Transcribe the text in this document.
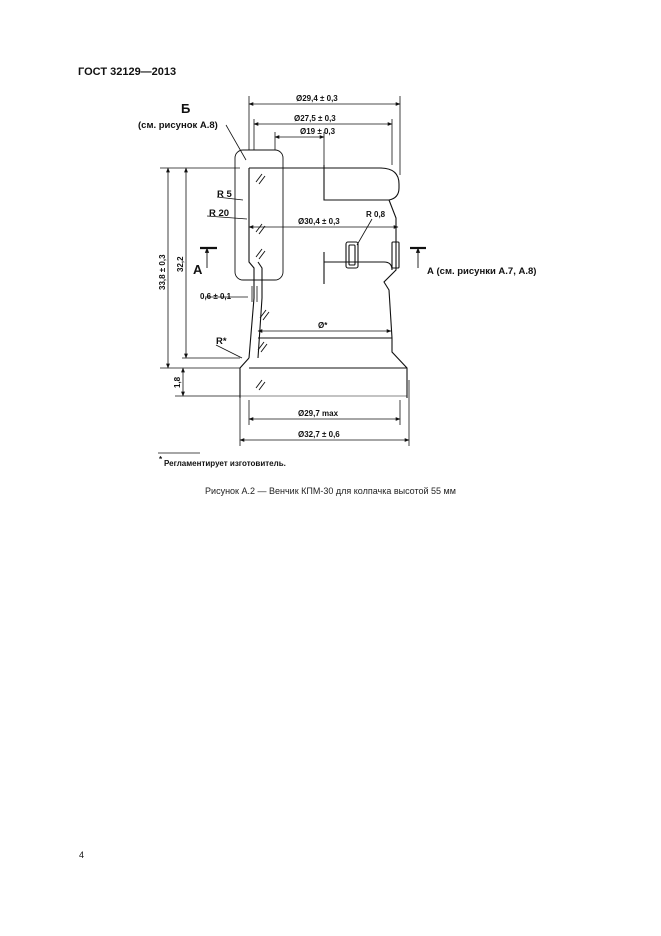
ГОСТ 32129—2013
Б
(см. рисунок А.8)
Ø29,4 ± 0,3
Ø27,5 ± 0,3
Ø19 ± 0,3
Ø30,4 ± 0,3
Ø*
Ø29,7 max
Ø32,7 ± 0,6
R 5
R 20	R 0,8
R*
0,6 ± 0,1
33,8 ± 0,3 32,2
1,8
А	А (см. рисунки А.7, А.8)
* Регламентирует изготовитель.
Рисунок А.2 — Венчик КПМ-30 для колпачка высотой 55 мм
4
